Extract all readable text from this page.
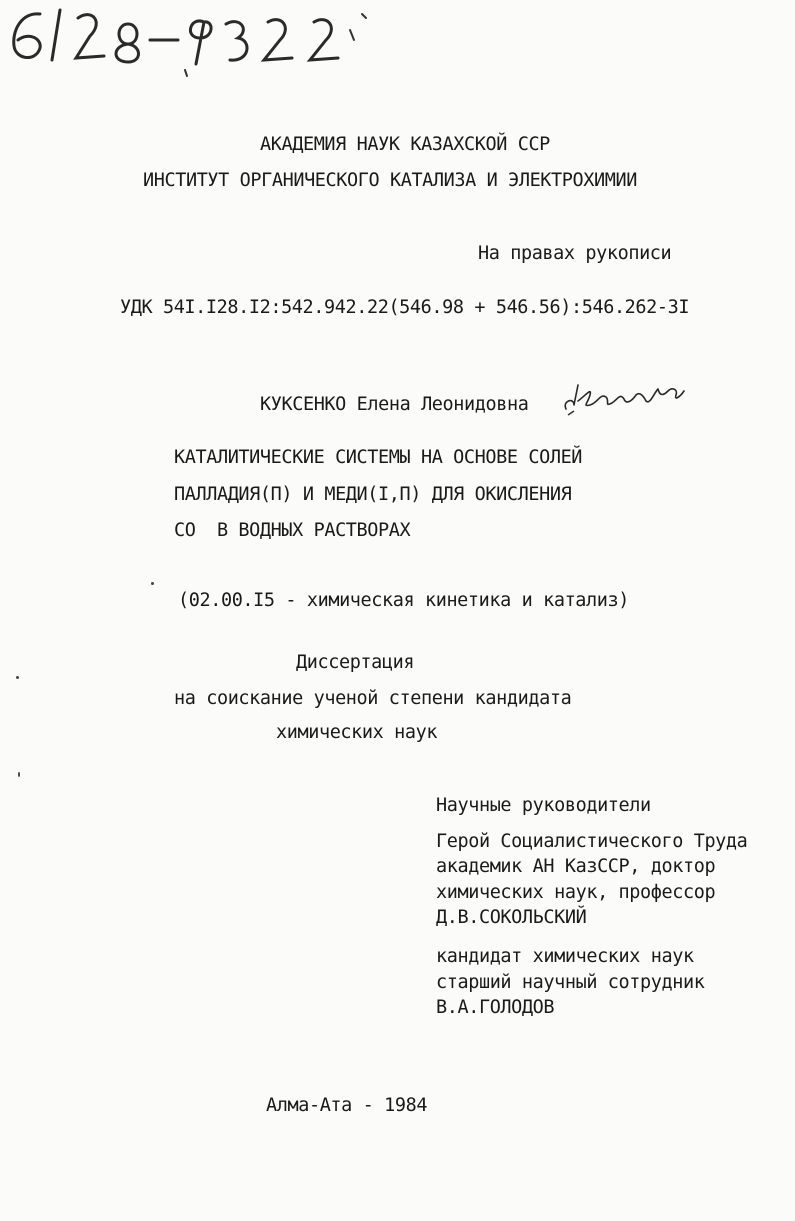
АКАДЕМИЯ НАУК КАЗАХСКОЙ ССР
ИНСТИТУТ ОРГАНИЧЕСКОГО КАТАЛИЗА И ЭЛЕКТРОХИМИИ
На правах рукописи
УДК 54I.I28.I2:542.942.22(546.98 + 546.56):546.262-3I
КУКСЕНКО Елена Леонидовна
КАТАЛИТИЧЕСКИЕ СИСТЕМЫ НА ОСНОВЕ СОЛЕЙ
ПАЛЛАДИЯ(П) И МЕДИ(I,П) ДЛЯ ОКИСЛЕНИЯ
СО  В ВОДНЫХ РАСТВОРАХ
(02.00.I5 - химическая кинетика и катализ)
Диссертация
на соискание ученой степени кандидата
химических наук
Научные руководители
Герой Социалистического Труда
академик АН КазССР, доктор
химических наук, профессор
Д.В.СОКОЛЬСКИЙ
кандидат химических наук
старший научный сотрудник
В.А.ГОЛОДОВ
Алма-Ата - 1984
